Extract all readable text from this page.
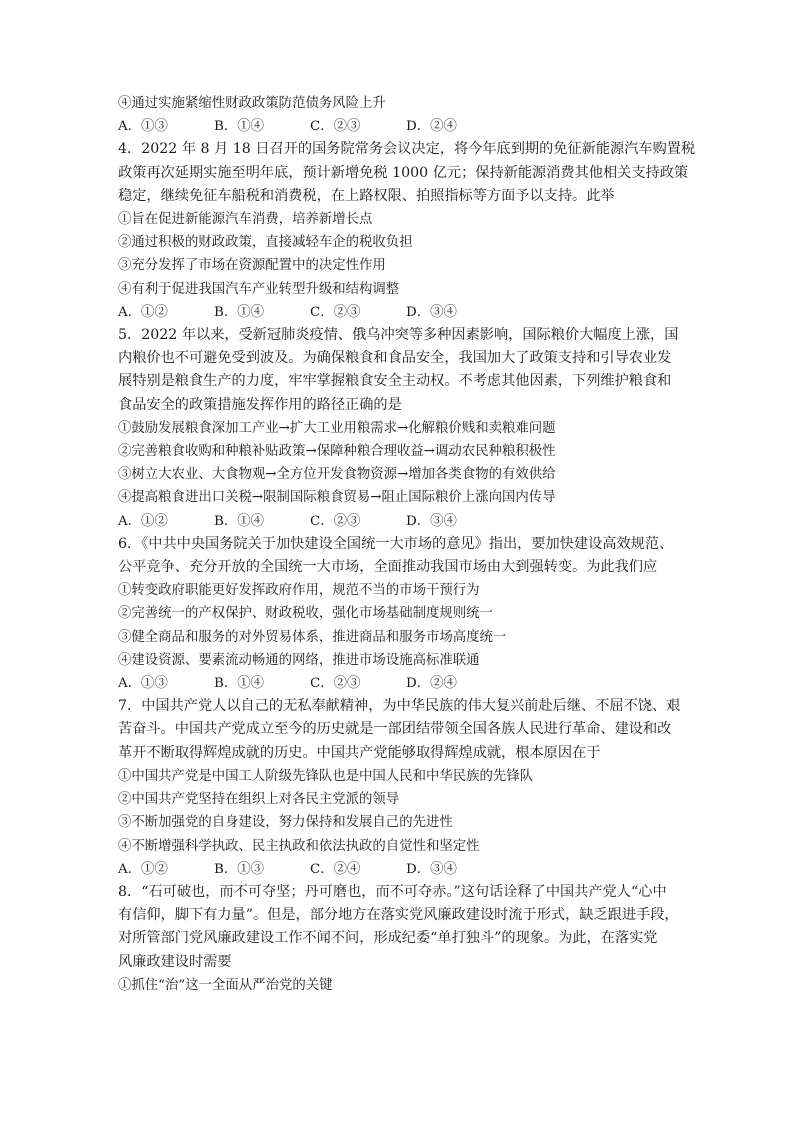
④通过实施紧缩性财政政策防范债务风险上升
A．①③	B．①④	C．②③	D．②④
4．2022 年 8 月 18 日召开的国务院常务会议决定，将今年底到期的免征新能源汽车购置税
政策再次延期实施至明年底，预计新增免税 1000 亿元；保持新能源消费其他相关支持政策
稳定，继续免征车船税和消费税，在上路权限、拍照指标等方面予以支持。此举
①旨在促进新能源汽车消费，培养新增长点
②通过积极的财政政策，直接减轻车企的税收负担
③充分发挥了市场在资源配置中的决定性作用
④有利于促进我国汽车产业转型升级和结构调整
A．①②	B．①④	C．②③	D．③④
5．2022 年以来，受新冠肺炎疫情、俄乌冲突等多种因素影响，国际粮价大幅度上涨，国
内粮价也不可避免受到波及。为确保粮食和食品安全，我国加大了政策支持和引导农业发
展特别是粮食生产的力度，牢牢掌握粮食安全主动权。不考虑其他因素，下列维护粮食和
食品安全的政策措施发挥作用的路径正确的是
①鼓励发展粮食深加工产业→扩大工业用粮需求→化解粮价贱和卖粮难问题
②完善粮食收购和种粮补贴政策→保障种粮合理收益→调动农民种粮积极性
③树立大农业、大食物观→全方位开发食物资源→增加各类食物的有效供给
④提高粮食进出口关税→限制国际粮食贸易→阻止国际粮价上涨向国内传导
A．①②	B．①④	C．②③	D．③④
6．《中共中央国务院关于加快建设全国统一大市场的意见》指出，要加快建设高效规范、
公平竞争、充分开放的全国统一大市场，全面推动我国市场由大到强转变。为此我们应
①转变政府职能更好发挥政府作用，规范不当的市场干预行为
②完善统一的产权保护、财政税收，强化市场基础制度规则统一
③健全商品和服务的对外贸易体系，推进商品和服务市场高度统一
④建设资源、要素流动畅通的网络，推进市场设施高标准联通
A．①③	B．①④	C．②③	D．②④
7．中国共产党人以自己的无私奉献精神，为中华民族的伟大复兴前赴后继、不屈不饶、艰
苦奋斗。中国共产党成立至今的历史就是一部团结带领全国各族人民进行革命、建设和改
革开不断取得辉煌成就的历史。中国共产党能够取得辉煌成就，根本原因在于
①中国共产党是中国工人阶级先锋队也是中国人民和中华民族的先锋队
②中国共产党坚持在组织上对各民主党派的领导
③不断加强党的自身建设，努力保持和发展自己的先进性
④不断增强科学执政、民主执政和依法执政的自觉性和坚定性
A．①②	B．①③	C．②④	D．③④
8．“石可破也，而不可夺坚；丹可磨也，而不可夺赤。”这句话诠释了中国共产党人“心中
有信仰，脚下有力量”。但是，部分地方在落实党风廉政建设时流于形式，缺乏跟进手段，
对所管部门党风廉政建设工作不闻不问，形成纪委“单打独斗”的现象。为此，在落实党
风廉政建设时需要
①抓住“治”这一全面从严治党的关键
